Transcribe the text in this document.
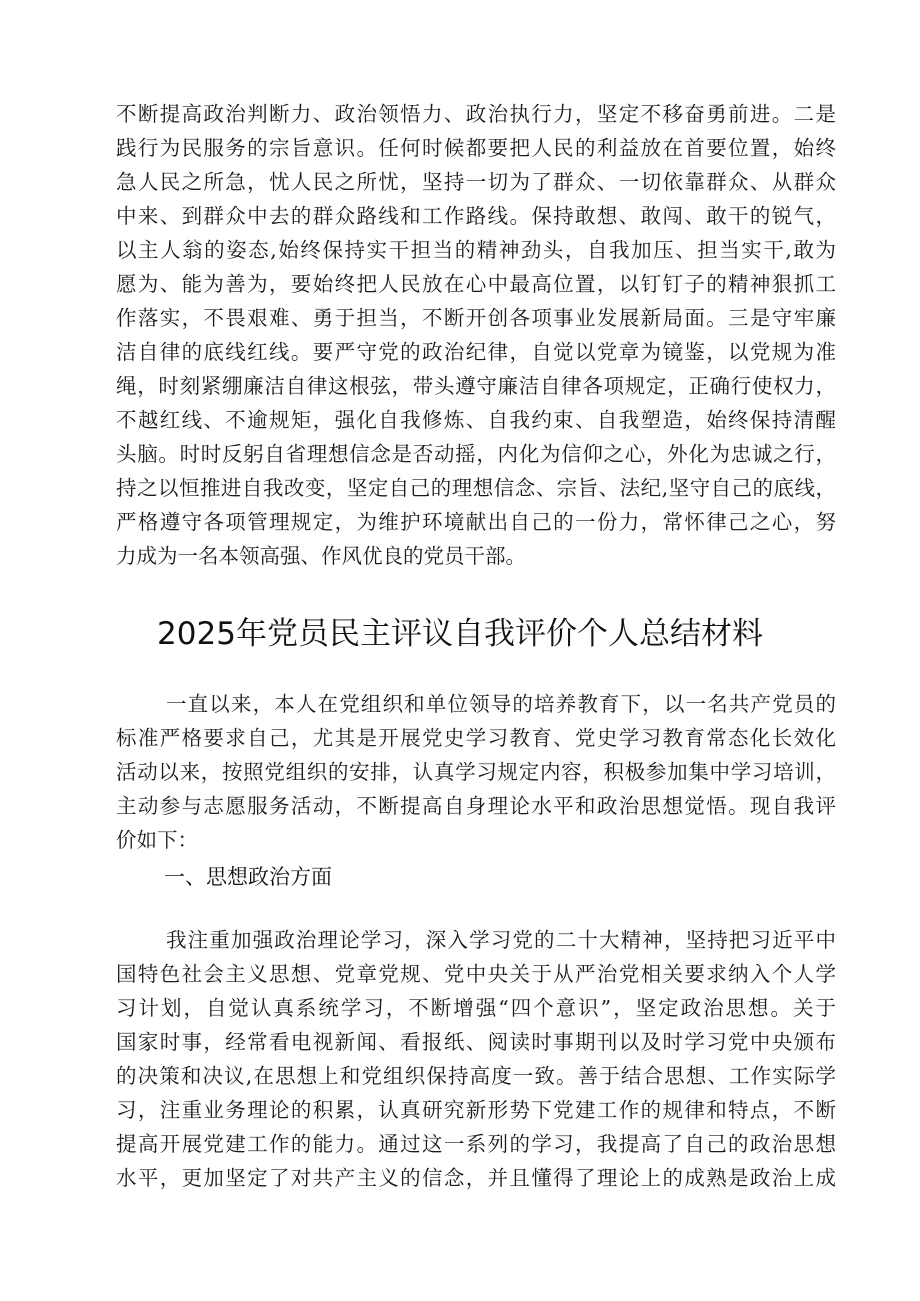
不断提高政治判断力、政治领悟力、政治执行力，坚定不移奋勇前进。二是
践行为民服务的宗旨意识。任何时候都要把人民的利益放在首要位置，始终
急人民之所急，忧人民之所忧，坚持一切为了群众、一切依靠群众、从群众
中来、到群众中去的群众路线和工作路线。保持敢想、敢闯、敢干的锐气，
以主人翁的姿态,始终保持实干担当的精神劲头，自我加压、担当实干,敢为
愿为、能为善为，要始终把人民放在心中最高位置，以钉钉子的精神狠抓工
作落实，不畏艰难、勇于担当，不断开创各项事业发展新局面。三是守牢廉
洁自律的底线红线。要严守党的政治纪律，自觉以党章为镜鉴，以党规为准
绳，时刻紧绷廉洁自律这根弦，带头遵守廉洁自律各项规定，正确行使权力，
不越红线、不逾规矩，强化自我修炼、自我约束、自我塑造，始终保持清醒
头脑。时时反躬自省理想信念是否动摇，内化为信仰之心，外化为忠诚之行，
持之以恒推进自我改变，坚定自己的理想信念、宗旨、法纪,坚守自己的底线，
严格遵守各项管理规定，为维护环境献出自己的一份力，常怀律己之心，努
力成为一名本领高强、作风优良的党员干部。
2025年党员民主评议自我评价个人总结材料
一直以来，本人在党组织和单位领导的培养教育下，以一名共产党员的
标准严格要求自己，尤其是开展党史学习教育、党史学习教育常态化长效化
活动以来，按照党组织的安排，认真学习规定内容，积极参加集中学习培训，
主动参与志愿服务活动，不断提高自身理论水平和政治思想觉悟。现自我评
价如下：
一、思想政治方面
我注重加强政治理论学习，深入学习党的二十大精神，坚持把习近平中
国特色社会主义思想、党章党规、党中央关于从严治党相关要求纳入个人学
习计划，自觉认真系统学习，不断增强“四个意识”，坚定政治思想。关于
国家时事，经常看电视新闻、看报纸、阅读时事期刊以及时学习党中央颁布
的决策和决议,在思想上和党组织保持高度一致。善于结合思想、工作实际学
习，注重业务理论的积累，认真研究新形势下党建工作的规律和特点，不断
提高开展党建工作的能力。通过这一系列的学习，我提高了自己的政治思想
水平，更加坚定了对共产主义的信念，并且懂得了理论上的成熟是政治上成
